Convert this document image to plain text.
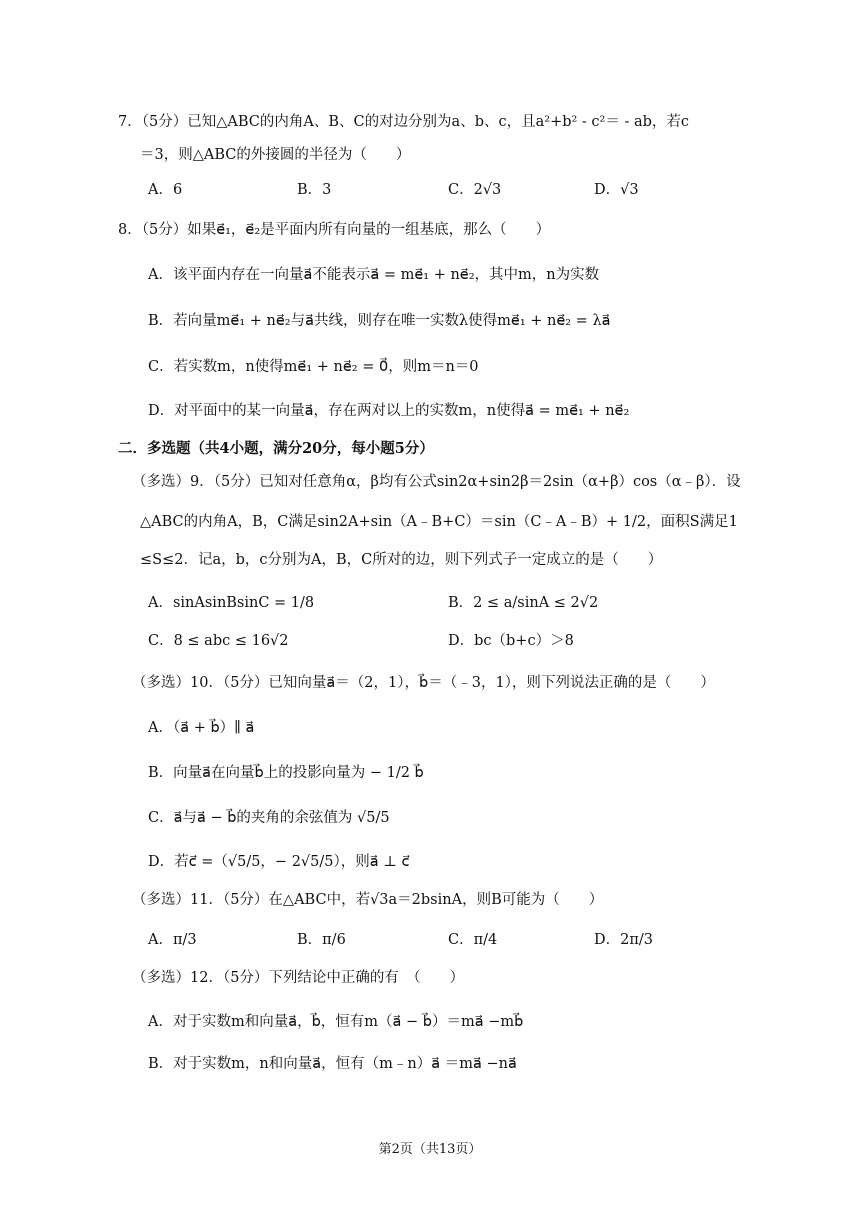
7．（5分）已知△ABC的内角A、B、C的对边分别为a、b、c，且a²+b² - c²＝ - ab，若c
＝3，则△ABC的外接圆的半径为（　　）
A．6	B．3	C．2√3	D．√3
8．（5分）如果e⃗₁，e⃗₂是平面内所有向量的一组基底，那么（　　）
A．该平面内存在一向量a⃗不能表示a⃗ = me⃗₁ + ne⃗₂，其中m，n为实数
B．若向量me⃗₁ + ne⃗₂与a⃗共线，则存在唯一实数λ使得me⃗₁ + ne⃗₂ = λa⃗
C．若实数m，n使得me⃗₁ + ne⃗₂ = 0⃗，则m＝n＝0
D．对平面中的某一向量a⃗，存在两对以上的实数m，n使得a⃗ = me⃗₁ + ne⃗₂
二．多选题（共4小题，满分20分，每小题5分）
（多选）9．（5分）已知对任意角α，β均有公式sin2α+sin2β＝2sin（α+β）cos（α﹣β）．设
△ABC的内角A，B，C满足sin2A+sin（A﹣B+C）＝sin（C﹣A﹣B）+ 1/2，面积S满足1
≤S≤2．记a，b，c分别为A，B，C所对的边，则下列式子一定成立的是（　　）
A．sinAsinBsinC = 1/8	B．2 ≤ a/sinA ≤ 2√2
C．8 ≤ abc ≤ 16√2	D．bc（b+c）＞8
（多选）10．（5分）已知向量a⃗＝（2，1），b⃗＝（﹣3，1），则下列说法正确的是（　　）
A．（a⃗ + b⃗）∥ a⃗
B．向量a⃗在向量b⃗上的投影向量为 − 1/2 b⃗
C．a⃗与a⃗ − b⃗的夹角的余弦值为 √5/5
D．若c⃗ =（√5/5，− 2√5/5），则a⃗ ⊥ c⃗
（多选）11．（5分）在△ABC中，若√3a＝2bsinA，则B可能为（　　）
A．π/3	B．π/6	C．π/4	D．2π/3
（多选）12．（5分）下列结论中正确的有　（　　）
A．对于实数m和向量a⃗，b⃗，恒有m（a⃗ − b⃗）＝ma⃗ −mb⃗
B．对于实数m，n和向量a⃗，恒有（m﹣n）a⃗ ＝ma⃗ −na⃗
第2页（共13页）
